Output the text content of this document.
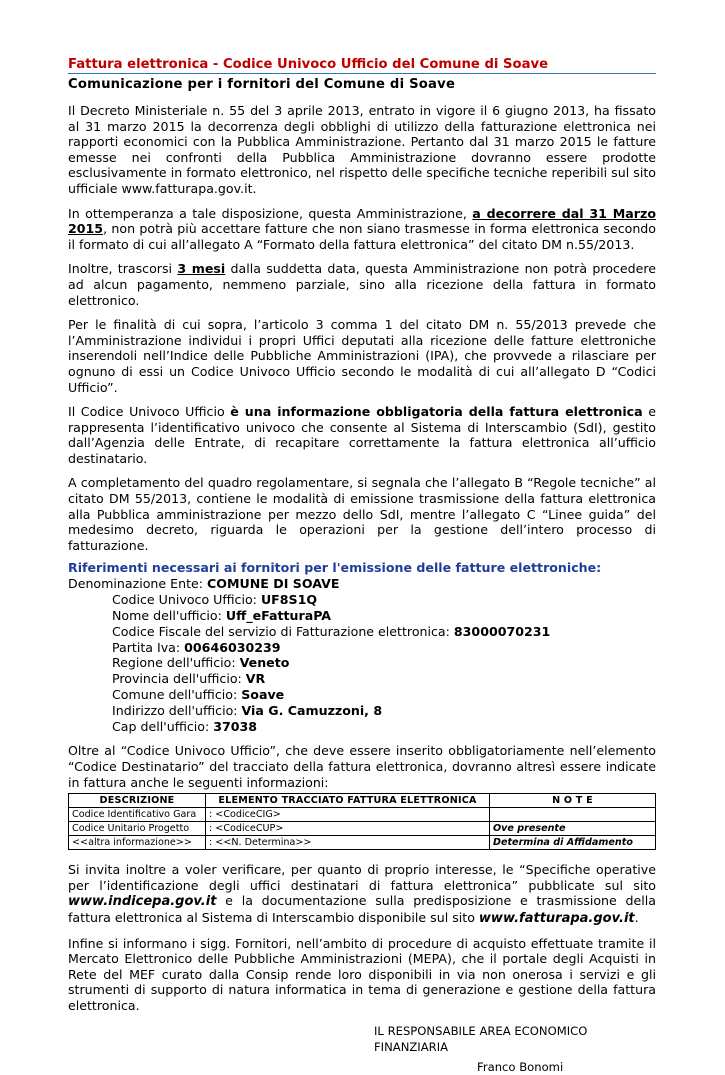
Fattura elettronica - Codice Univoco Ufficio del Comune di Soave
Comunicazione per i fornitori del Comune di Soave

Il Decreto Ministeriale n. 55 del 3 aprile 2013, entrato in vigore il 6 giugno 2013, ha fissato al 31 marzo 2015 la decorrenza degli obblighi di utilizzo della fatturazione elettronica nei rapporti economici con la Pubblica Amministrazione. Pertanto dal 31 marzo 2015 le fatture emesse nei confronti della Pubblica Amministrazione dovranno essere prodotte esclusivamente in formato elettronico, nel rispetto delle specifiche tecniche reperibili sul sito ufficiale www.fatturapa.gov.it.

In ottemperanza a tale disposizione, questa Amministrazione, a decorrere dal 31 Marzo 2015, non potrà più accettare fatture che non siano trasmesse in forma elettronica secondo il formato di cui all’allegato A “Formato della fattura elettronica” del citato DM n.55/2013.

Inoltre, trascorsi 3 mesi dalla suddetta data, questa Amministrazione non potrà procedere ad alcun pagamento, nemmeno parziale, sino alla ricezione della fattura in formato elettronico.

Per le finalità di cui sopra, l’articolo 3 comma 1 del citato DM n. 55/2013 prevede che l’Amministrazione individui i propri Uffici deputati alla ricezione delle fatture elettroniche inserendoli nell’Indice delle Pubbliche Amministrazioni (IPA), che provvede a rilasciare per ognuno di essi un Codice Univoco Ufficio secondo le modalità di cui all’allegato D “Codici Ufficio”.

Il Codice Univoco Ufficio è una informazione obbligatoria della fattura elettronica e rappresenta l’identificativo univoco che consente al Sistema di Interscambio (SdI), gestito dall’Agenzia delle Entrate, di recapitare correttamente la fattura elettronica all’ufficio destinatario.

A completamento del quadro regolamentare, si segnala che l’allegato B “Regole tecniche” al citato DM 55/2013, contiene le modalità di emissione trasmissione della fattura elettronica alla Pubblica amministrazione per mezzo dello SdI, mentre l’allegato C “Linee guida” del medesimo decreto, riguarda le operazioni per la gestione dell’intero processo di fatturazione.

Riferimenti necessari ai fornitori per l'emissione delle fatture elettroniche:
Denominazione Ente: COMUNE DI SOAVE
Codice Univoco Ufficio: UF8S1Q
Nome dell'ufficio: Uff_eFatturaPA
Codice Fiscale del servizio di Fatturazione elettronica: 83000070231
Partita Iva: 00646030239
Regione dell'ufficio: Veneto
Provincia dell'ufficio: VR
Comune dell'ufficio: Soave
Indirizzo dell'ufficio: Via G. Camuzzoni, 8
Cap dell'ufficio: 37038

Oltre al “Codice Univoco Ufficio”, che deve essere inserito obbligatoriamente nell’elemento “Codice Destinatario” del tracciato della fattura elettronica, dovranno altresì essere indicate in fattura anche le seguenti informazioni:

DESCRIZIONE	ELEMENTO TRACCIATO FATTURA ELETTRONICA	N O T E
Codice Identificativo Gara	: <CodiceCIG>	
Codice Unitario Progetto	: <CodiceCUP>	Ove presente
<<altra informazione>>	: <<N. Determina>>	Determina di Affidamento

Si invita inoltre a voler verificare, per quanto di proprio interesse, le “Specifiche operative per l’identificazione degli uffici destinatari di fattura elettronica” pubblicate sul sito www.indicepa.gov.it e la documentazione sulla predisposizione e trasmissione della fattura elettronica al Sistema di Interscambio disponibile sul sito www.fatturapa.gov.it.

Infine si informano i sigg. Fornitori, nell’ambito di procedure di acquisto effettuate tramite il Mercato Elettronico delle Pubbliche Amministrazioni (MEPA), che il portale degli Acquisti in Rete del MEF curato dalla Consip rende loro disponibili in via non onerosa i servizi e gli strumenti di supporto di natura informatica in tema di generazione e gestione della fattura elettronica.

IL RESPONSABILE AREA ECONOMICO FINANZIARIA
Franco Bonomi
